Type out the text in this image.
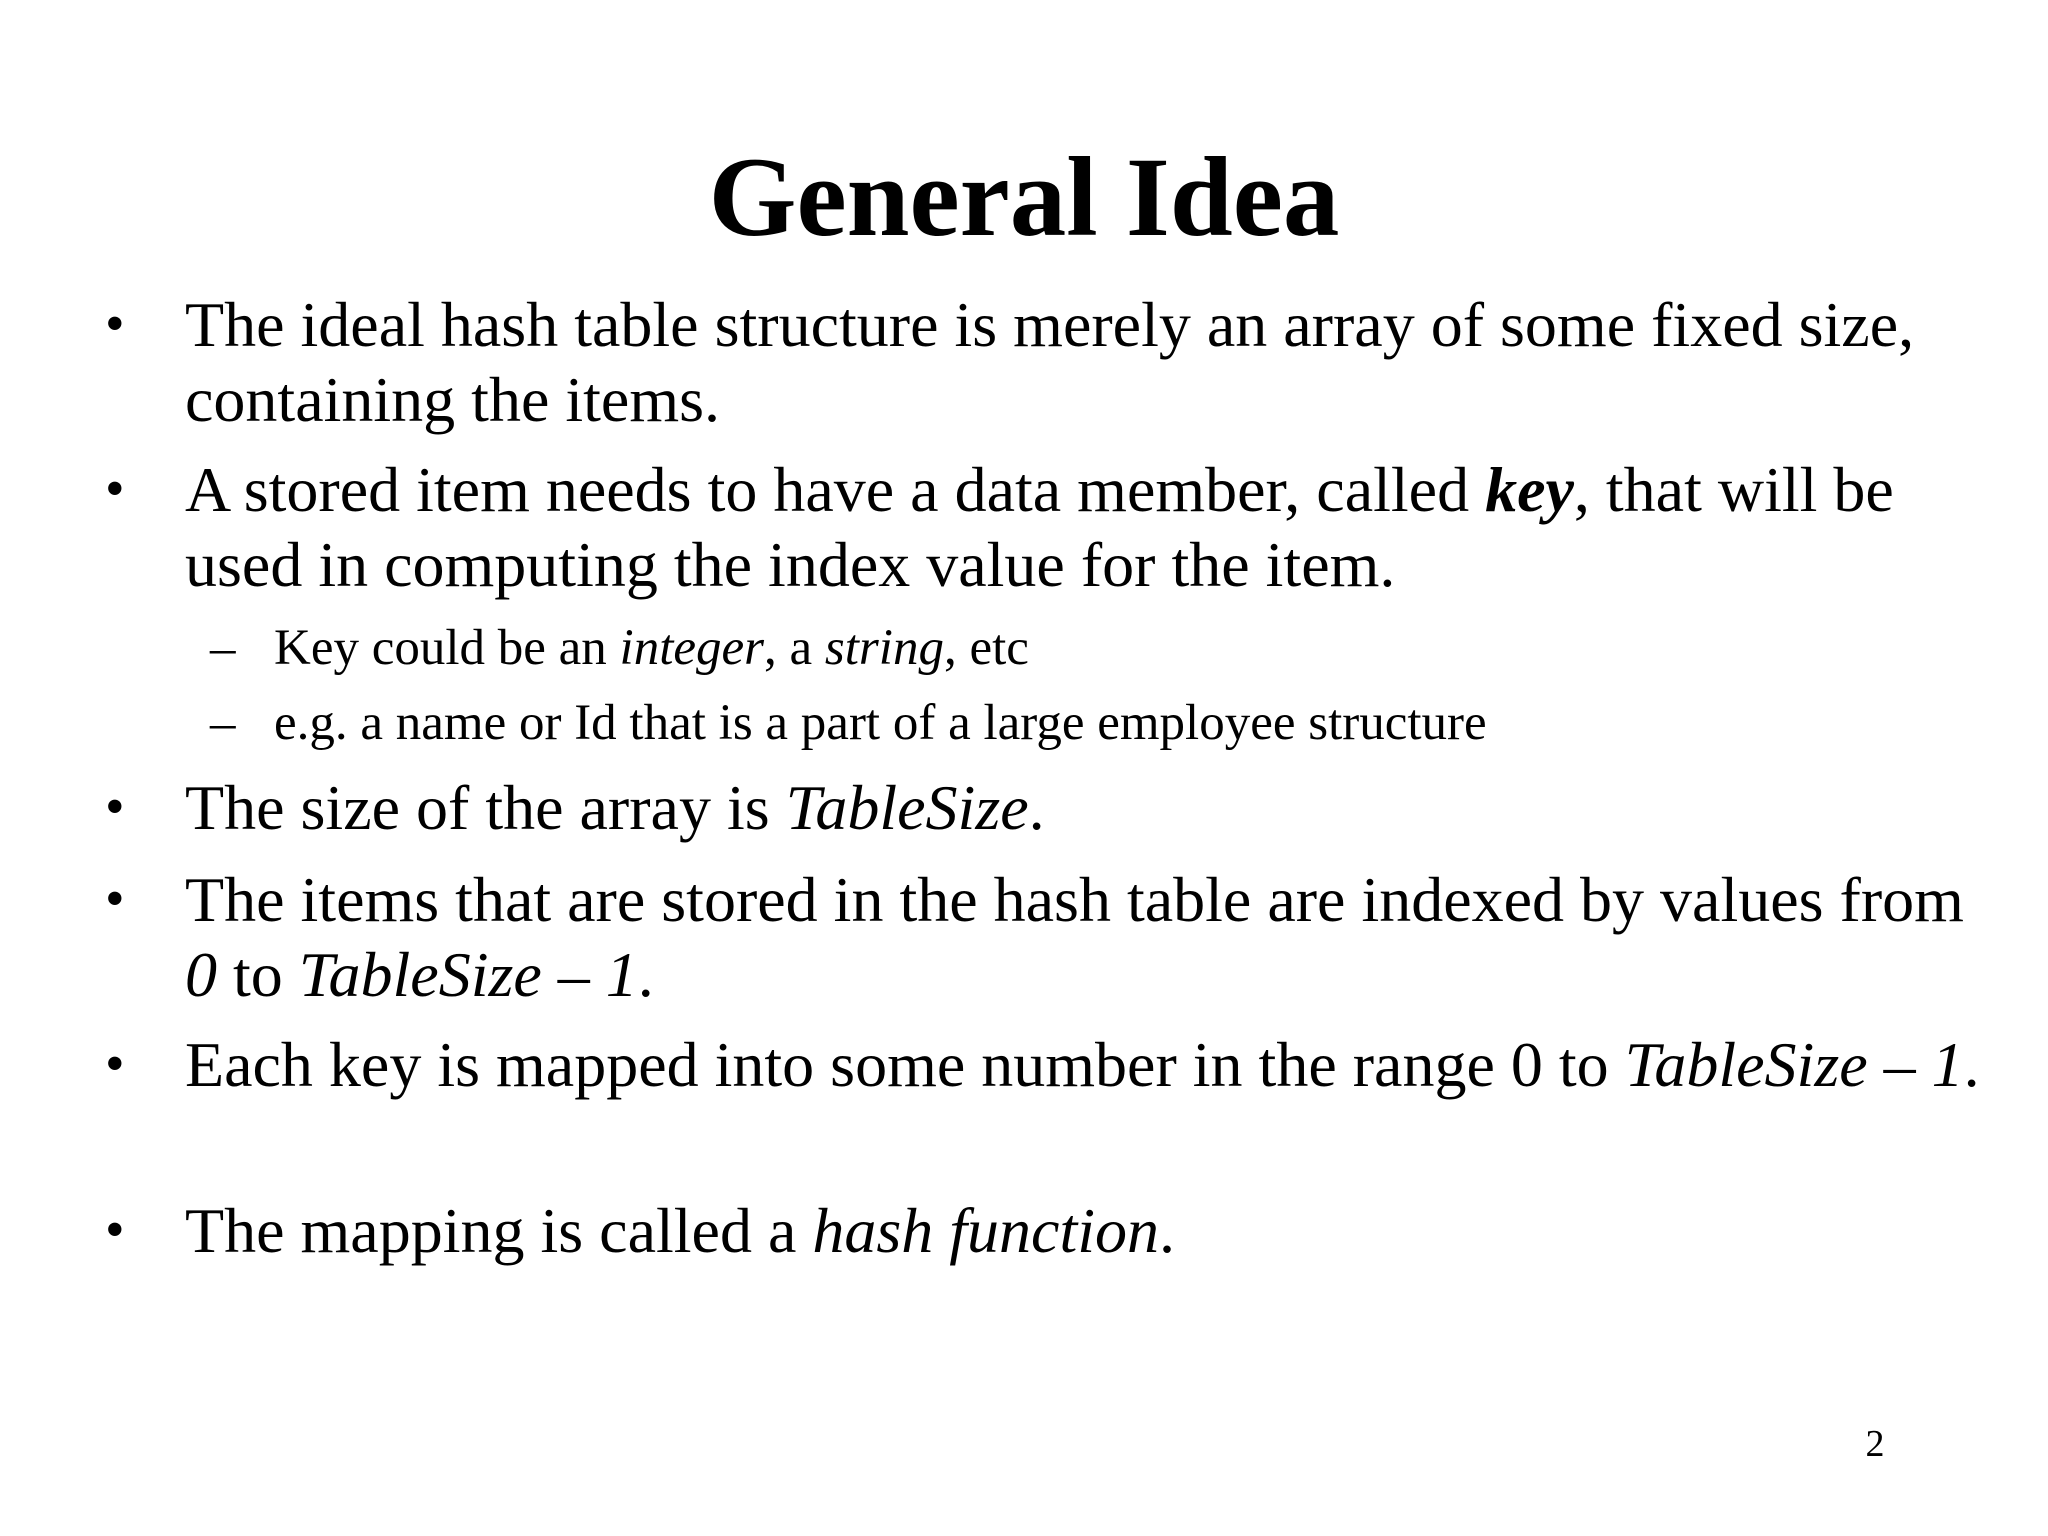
General Idea
• The ideal hash table structure is merely an array of some fixed size, containing the items.
• A stored item needs to have a data member, called key, that will be used in computing the index value for the item.
– Key could be an integer, a string, etc
– e.g. a name or Id that is a part of a large employee structure
• The size of the array is TableSize.
• The items that are stored in the hash table are indexed by values from 0 to TableSize – 1.
• Each key is mapped into some number in the range 0 to TableSize – 1.
• The mapping is called a hash function.
2
